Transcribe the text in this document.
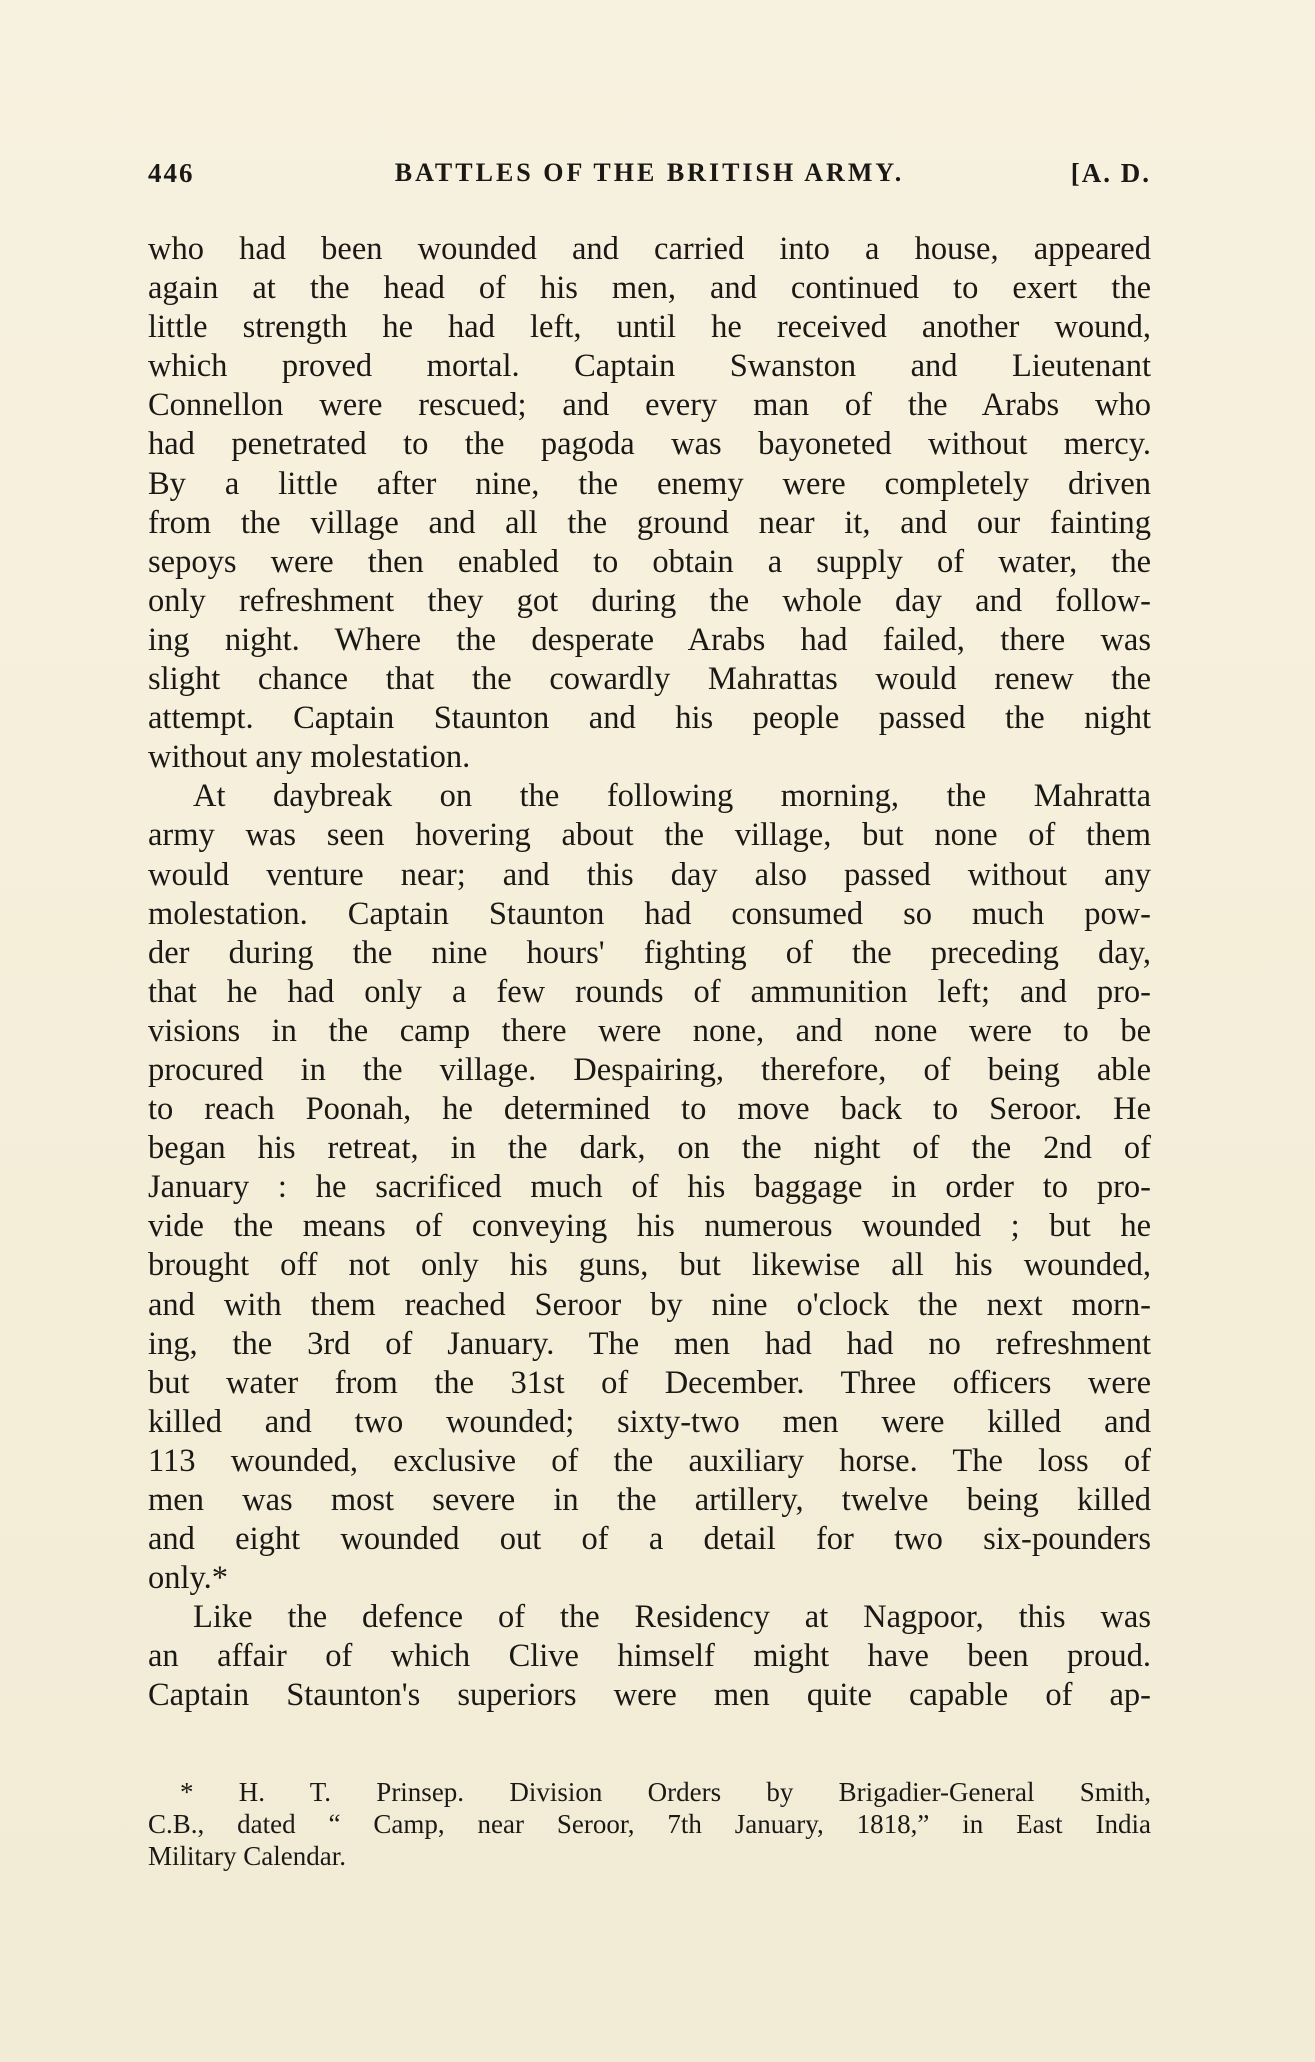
446	BATTLES OF THE BRITISH ARMY.	[A. D.
who had been wounded and carried into a house, appeared
again at the head of his men, and continued to exert the
little strength he had left, until he received another wound,
which proved mortal. Captain Swanston and Lieutenant
Connellon were rescued; and every man of the Arabs who
had penetrated to the pagoda was bayoneted without mercy.
By a little after nine, the enemy were completely driven
from the village and all the ground near it, and our fainting
sepoys were then enabled to obtain a supply of water, the
only refreshment they got during the whole day and follow-
ing night. Where the desperate Arabs had failed, there was
slight chance that the cowardly Mahrattas would renew the
attempt. Captain Staunton and his people passed the night
without any molestation.
At daybreak on the following morning, the Mahratta
army was seen hovering about the village, but none of them
would venture near; and this day also passed without any
molestation. Captain Staunton had consumed so much pow-
der during the nine hours' fighting of the preceding day,
that he had only a few rounds of ammunition left; and pro-
visions in the camp there were none, and none were to be
procured in the village. Despairing, therefore, of being able
to reach Poonah, he determined to move back to Seroor. He
began his retreat, in the dark, on the night of the 2nd of
January : he sacrificed much of his baggage in order to pro-
vide the means of conveying his numerous wounded ; but he
brought off not only his guns, but likewise all his wounded,
and with them reached Seroor by nine o'clock the next morn-
ing, the 3rd of January. The men had had no refreshment
but water from the 31st of December. Three officers were
killed and two wounded; sixty-two men were killed and
113 wounded, exclusive of the auxiliary horse. The loss of
men was most severe in the artillery, twelve being killed
and eight wounded out of a detail for two six-pounders
only.*
Like the defence of the Residency at Nagpoor, this was
an affair of which Clive himself might have been proud.
Captain Staunton's superiors were men quite capable of ap-
* H. T. Prinsep. Division Orders by Brigadier-General Smith,
C.B., dated “ Camp, near Seroor, 7th January, 1818,” in East India
Military Calendar.
